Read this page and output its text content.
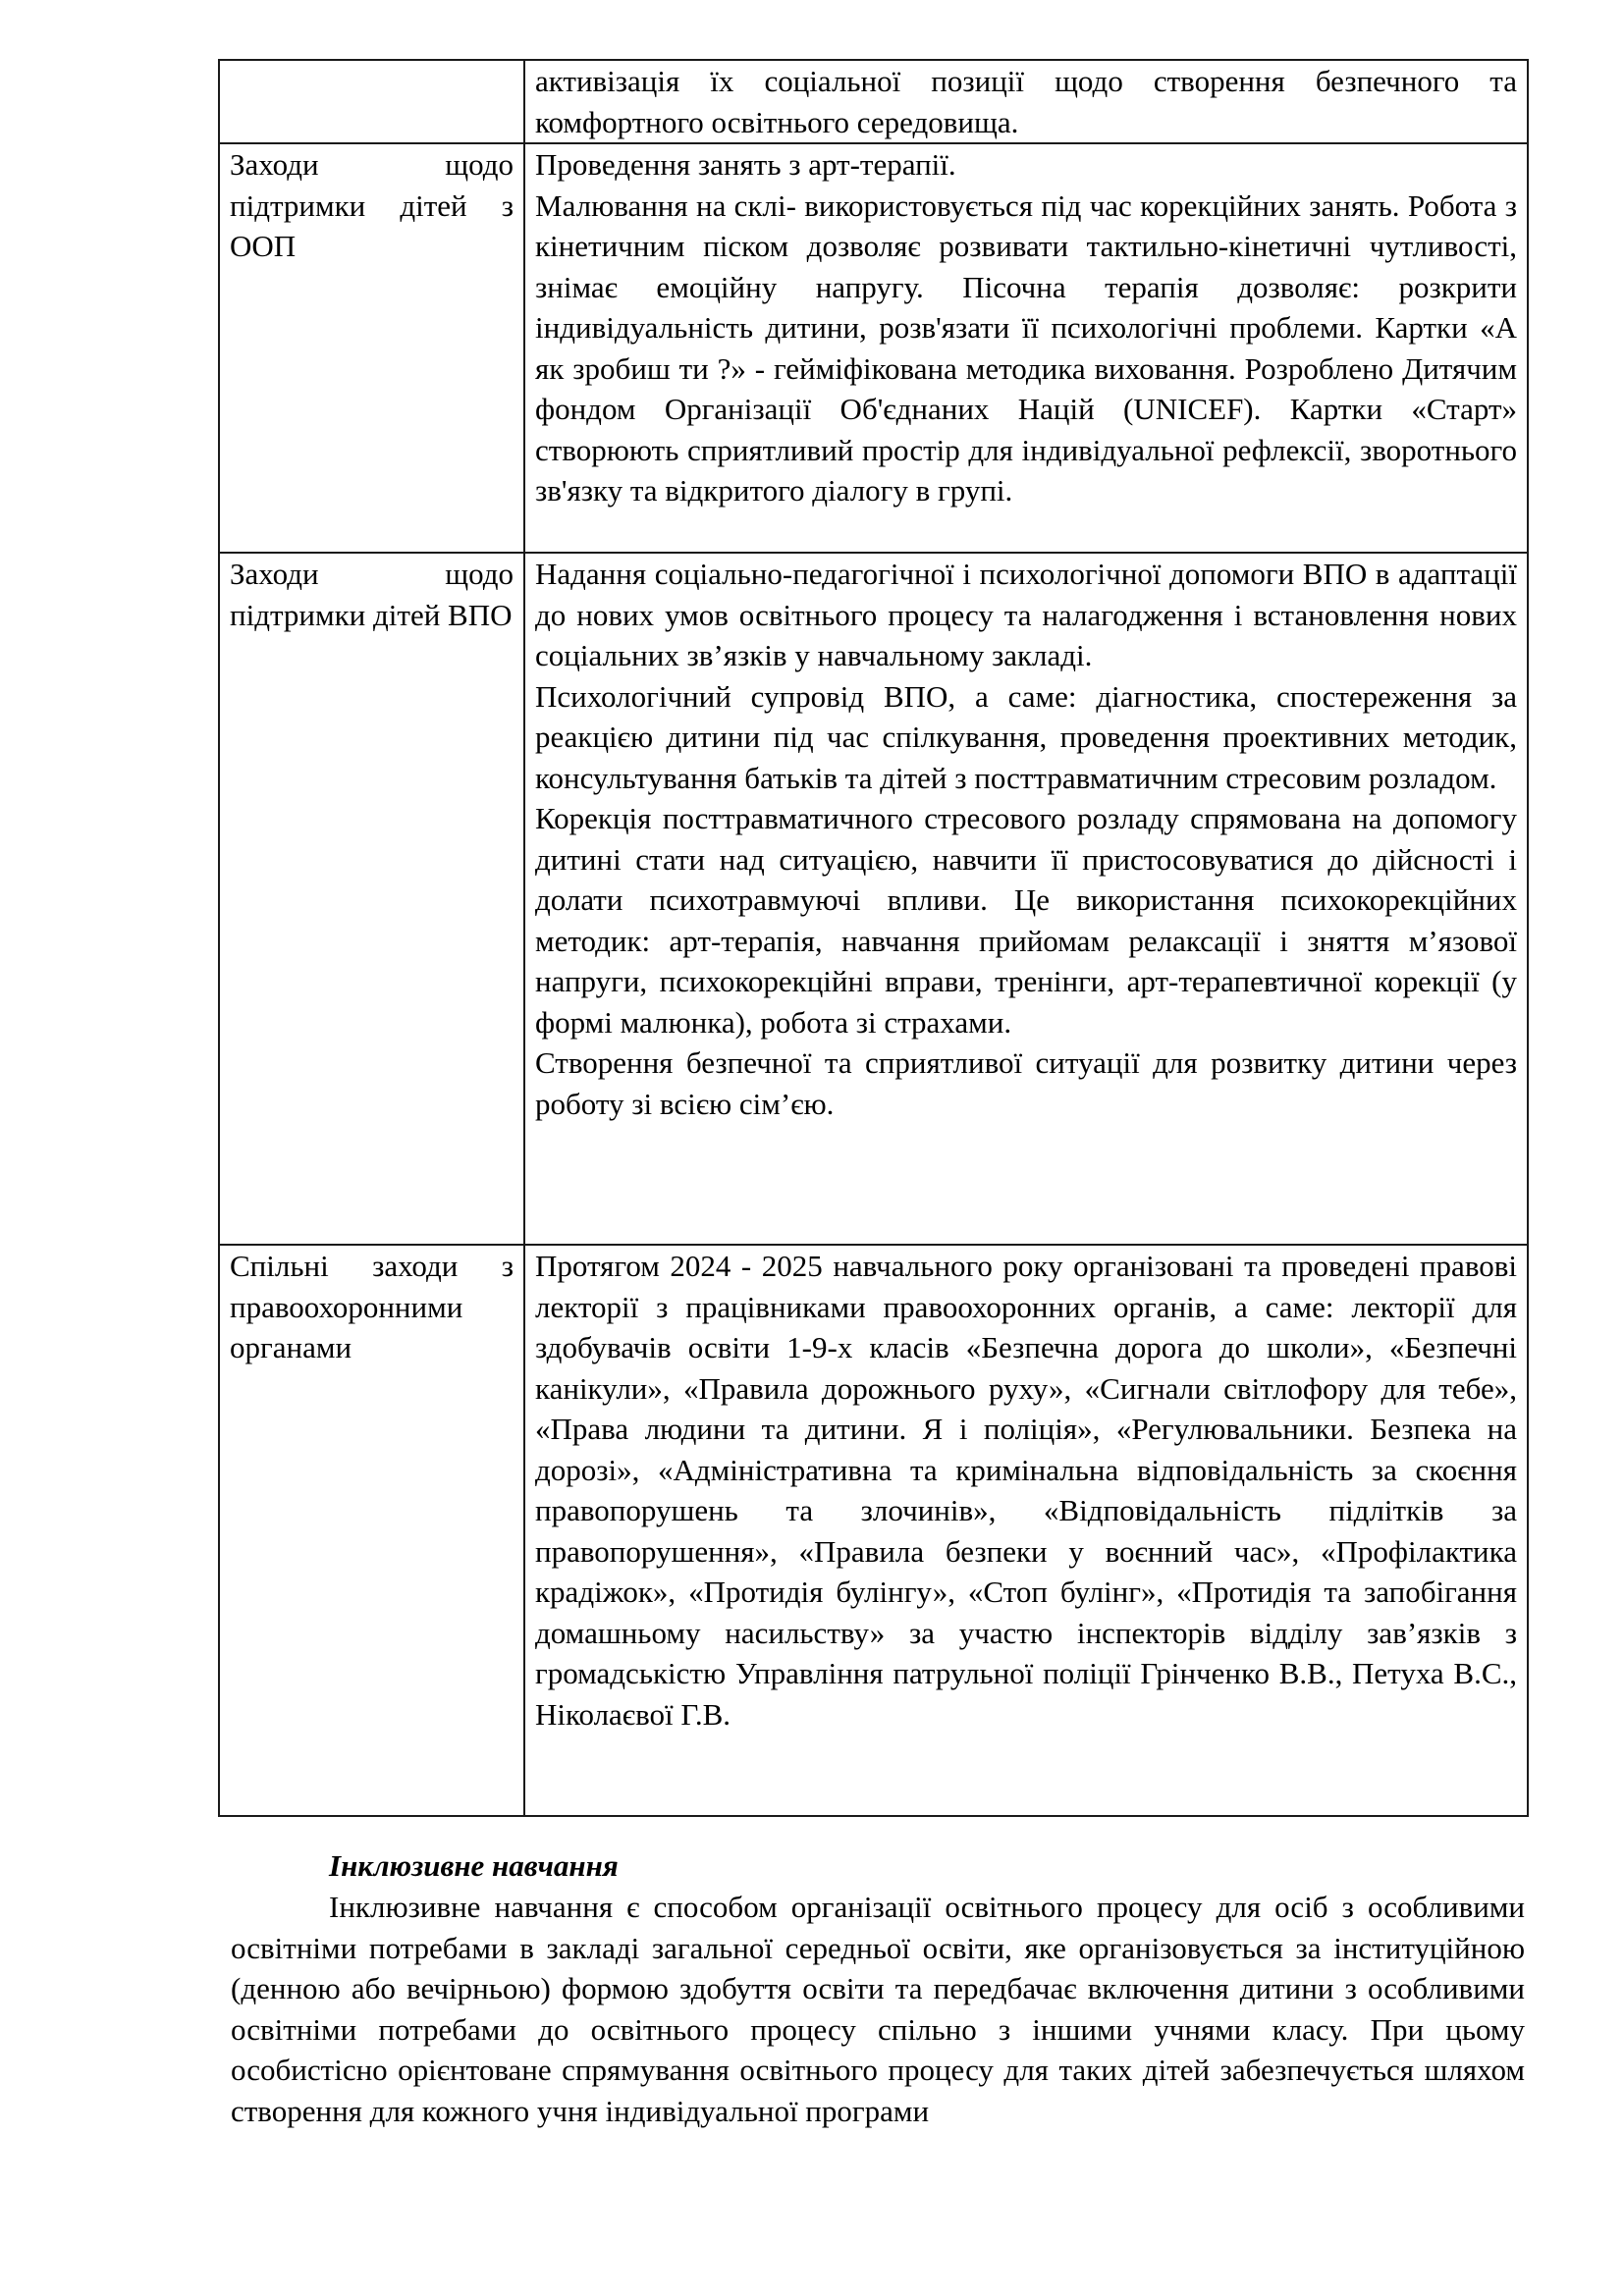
	активізація їх соціальної позиції щодо створення безпечного та комфортного освітнього середовища.

Заходи щодо підтримки дітей з ООП	Проведення занять з арт-терапії.

Малювання на склі- використовується під час корекційних занять. Робота з кінетичним піском дозволяє розвивати тактильно-кінетичні чутливості, знімає емоційну напругу. Пісочна терапія дозволяє: розкрити індивідуальність дитини, розв'язати її психологічні проблеми. Картки «А як зробиш ти ?» - гейміфікована методика виховання. Розроблено Дитячим фондом Організації Об'єднаних Націй (UNICEF). Картки «Старт» створюють сприятливий простір для індивідуальної рефлексії, зворотнього зв'язку та відкритого діалогу в групі.

Заходи щодо підтримки дітей ВПО	Надання соціально-педагогічної і психологічної допомоги ВПО в адаптації до нових умов освітнього процесу та налагодження і встановлення нових соціальних зв’язків у навчальному закладі.

Психологічний супровід ВПО, а саме: діагностика, спостереження за реакцією дитини під час спілкування, проведення проективних методик, консультування батьків та дітей з посттравматичним стресовим розладом.

Корекція посттравматичного стресового розладу спрямована на допомогу дитині стати над ситуацією, навчити її пристосовуватися до дійсності і долати психотравмуючі впливи. Це використання психокорекційних методик: арт-терапія, навчання прийомам релаксації і зняття м’язової напруги, психокорекційні вправи, тренінги, арт-терапевтичної корекції (у формі малюнка), робота зі страхами.

Створення безпечної та сприятливої ситуації для розвитку дитини через роботу зі всією сім’єю.

Спільні заходи з правоохоронними органами	Протягом 2024 - 2025 навчального року організовані та проведені правові лекторії з працівниками правоохоронних органів, а саме: лекторії для здобувачів освіти 1-9-х класів «Безпечна дорога до школи», «Безпечні канікули», «Правила дорожнього руху», «Сигнали світлофору для тебе», «Права людини та дитини. Я і поліція», «Регулювальники. Безпека на дорозі», «Адміністративна та кримінальна відповідальність за скоєння правопорушень та злочинів», «Відповідальність підлітків за правопорушення», «Правила безпеки у воєнний час», «Профілактика крадіжок», «Протидія булінгу», «Стоп булінг», «Протидія та запобігання домашньому насильству» за участю інспекторів відділу зав’язків з громадськістю Управління патрульної поліції Грінченко В.В., Петуха В.С., Ніколаєвої Г.В.

Інклюзивне навчання

Інклюзивне навчання є способом організації освітнього процесу для осіб з особливими освітніми потребами в закладі загальної середньої освіти, яке організовується за інституційною (денною або вечірньою) формою здобуття освіти та передбачає включення дитини з особливими освітніми потребами до освітнього процесу спільно з іншими учнями класу. При цьому особистісно орієнтоване спрямування освітнього процесу для таких дітей забезпечується шляхом створення для кожного учня індивідуальної програми
